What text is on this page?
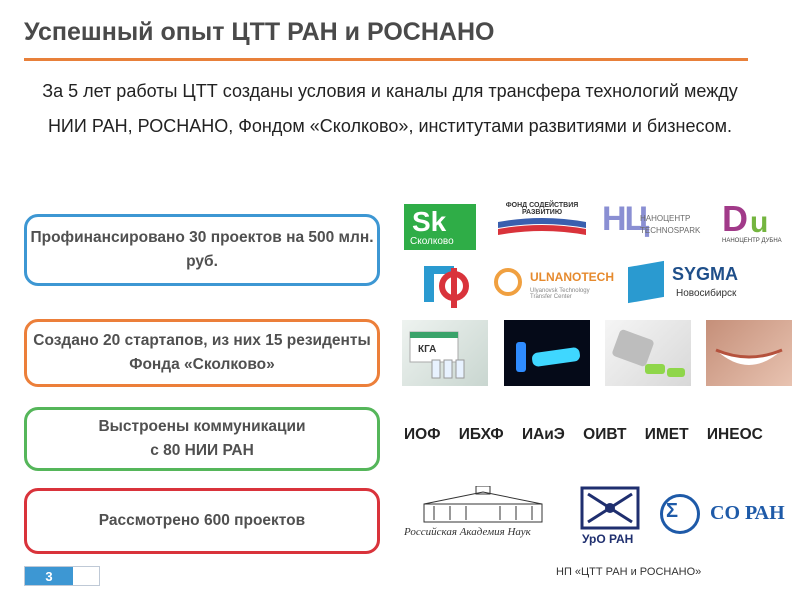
Успешный опыт ЦТТ РАН и РОСНАНО
За 5 лет работы ЦТТ созданы условия и каналы для трансфера технологий между НИИ РАН, РОСНАНО, Фондом «Сколково», институтами развитиями и бизнесом.
Профинансировано 30 проектов на 500 млн. руб.
Создано 20 стартапов, из них 15 резиденты Фонда «Сколково»
Выстроены коммуникации
с 80 НИИ РАН
Рассмотрено 600 проектов
Sk
Сколково
ФОНД СОДЕЙСТВИЯ РАЗВИТИЮ	НЦ
НАНОЦЕНТР
TECHNOSPARK D u
НАНОЦЕНТР ДУБНА
ULNANOTECH
Ulyanovsk Technology Transfer Center
SYGMA
Новосибирск
КГА
ИОФ ИБХФ ИАиЭ ОИВТ ИМЕТ ИНЕОС
Российская Академия Наук	УрО РАН
Σ СО РАН
3	НП «ЦТТ РАН и РОСНАНО»
